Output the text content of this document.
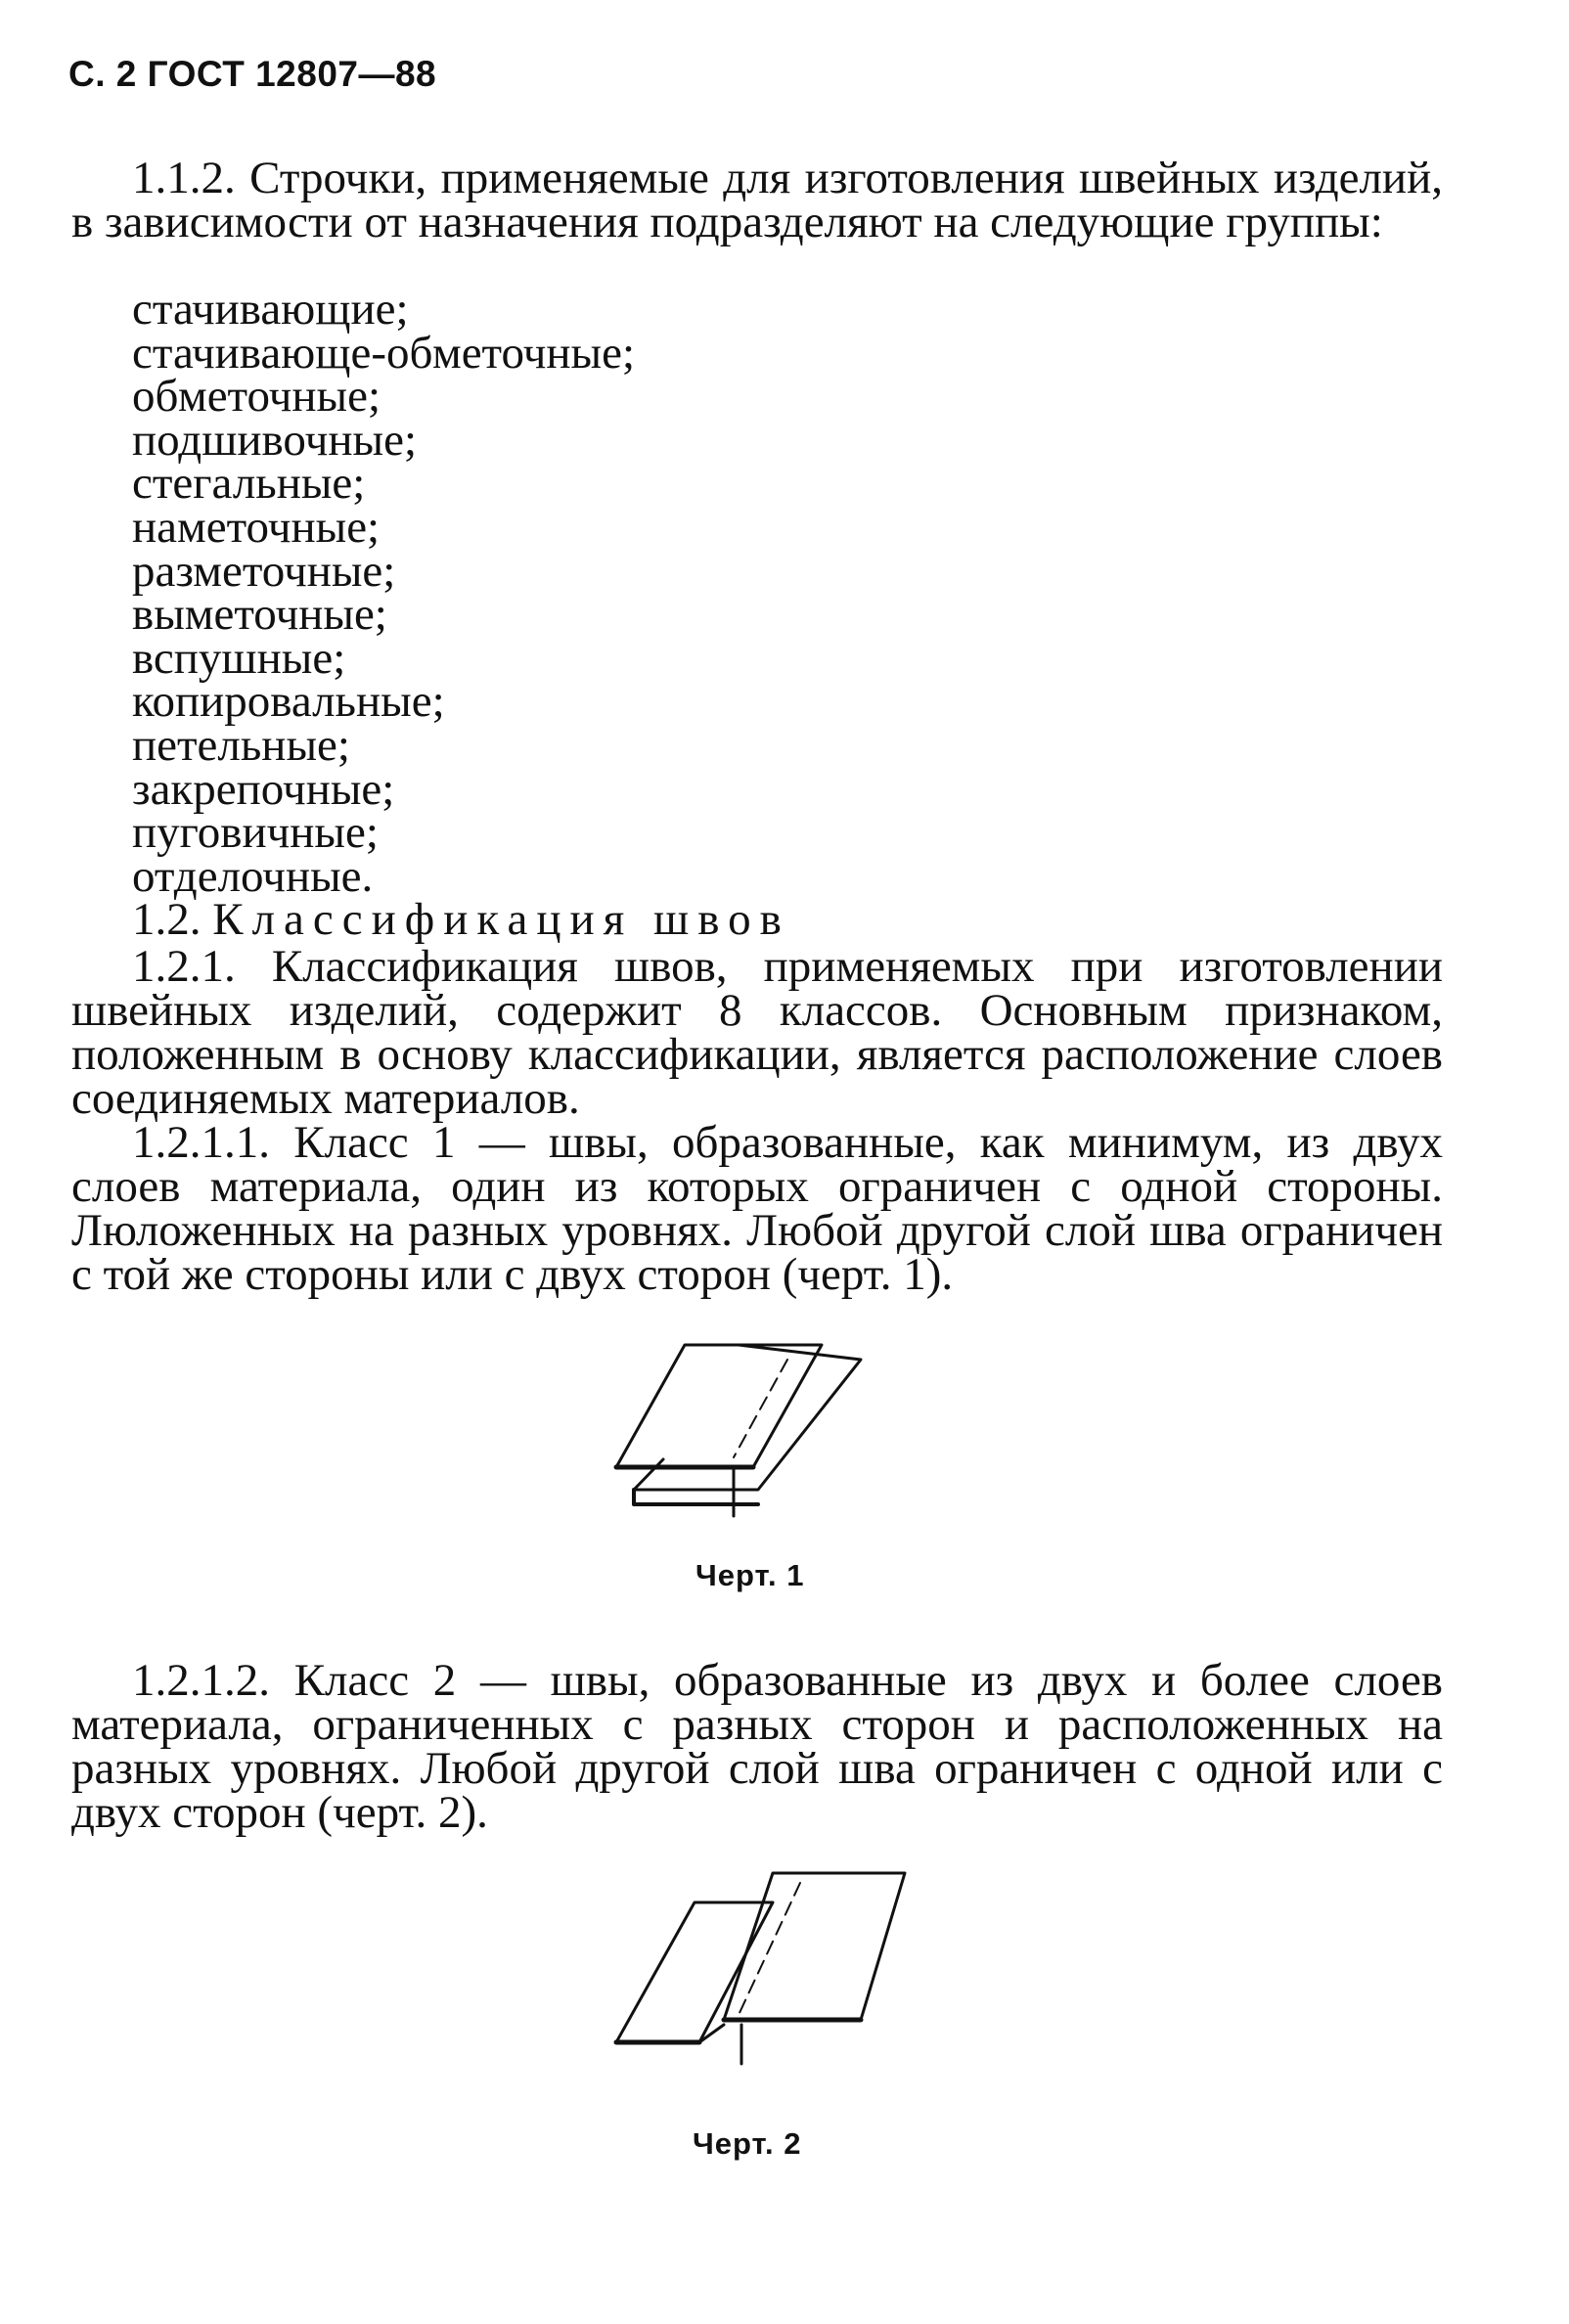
С. 2 ГОСТ 12807—88

1.1.2. Строчки, применяемые для изготовления швейных изделий, в зависимости от назначения подразделяют на следующие группы:

стачивающие;
стачивающе-обметочные;
обметочные;
подшивочные;
стегальные;
наметочные;
разметочные;
выметочные;
вспушные;
копировальные;
петельные;
закрепочные;
пуговичные;
отделочные.
1.2. Классификация швов

1.2.1. Классификация швов, применяемых при изготовлении швейных изделий, содержит 8 классов. Основным признаком, положенным в основу классификации, является расположение слоев соединяемых материалов.

1.2.1.1. Класс 1 — швы, образованные, как минимум, из двух слоев материала, один из которых ограничен с одной стороны. Люложенных на разных уровнях. Любой другой слой шва ограничен с той же стороны или с двух сторон (черт. 1).

Черт. 1

1.2.1.2. Класс 2 — швы, образованные из двух и более слоев материала, ограниченных с разных сторон и расположенных на разных уровнях. Любой другой слой шва ограничен с одной или с двух сторон (черт. 2).

Черт. 2
